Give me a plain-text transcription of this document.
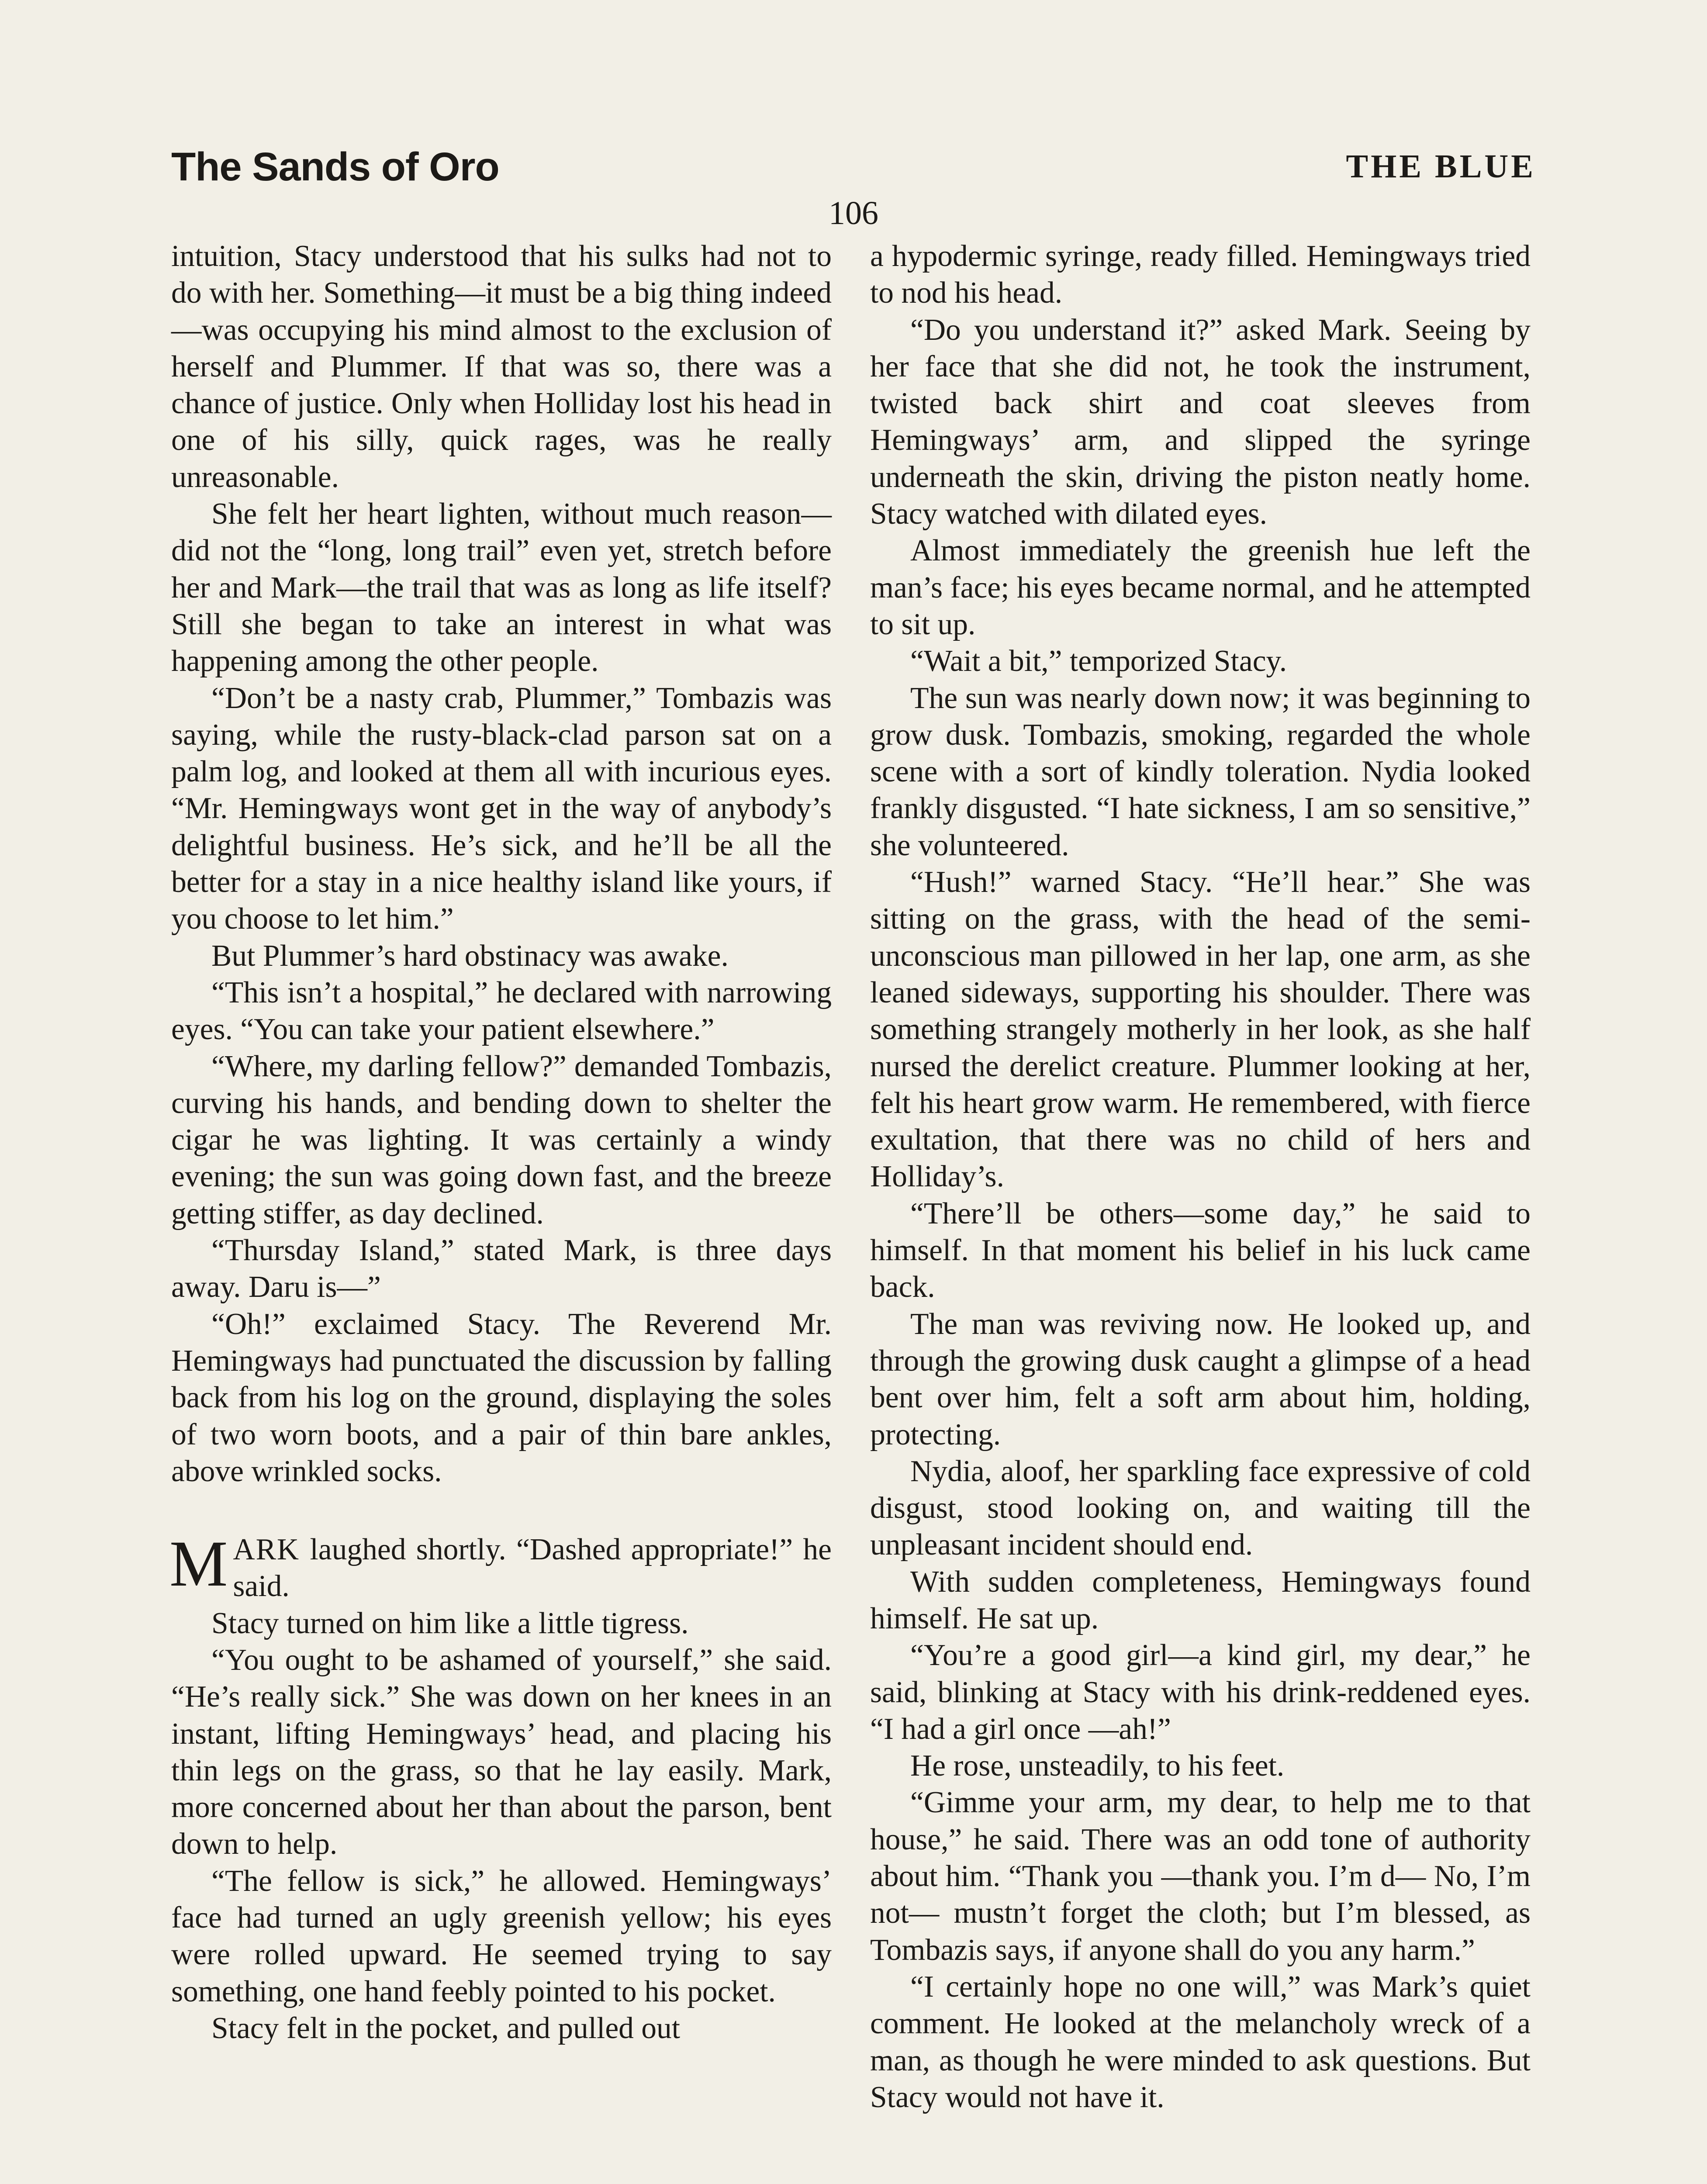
The Sands of Oro	THE BLUE
106

intuition, Stacy understood that his sulks had not to do with her. Something—it must be a big thing indeed—was occupying his mind almost to the exclusion of herself and Plummer. If that was so, there was a chance of justice. Only when Holliday lost his head in one of his silly, quick rages, was he really unreasonable.

She felt her heart lighten, without much reason—did not the “long, long trail” even yet, stretch before her and Mark—the trail that was as long as life itself? Still she began to take an interest in what was happening among the other people.

“Don’t be a nasty crab, Plummer,” Tombazis was saying, while the rusty-black-clad parson sat on a palm log, and looked at them all with incurious eyes. “Mr. Hemingways wont get in the way of anybody’s delightful business. He’s sick, and he’ll be all the better for a stay in a nice healthy island like yours, if you choose to let him.”

But Plummer’s hard obstinacy was awake.

“This isn’t a hospital,” he declared with narrowing eyes. “You can take your patient elsewhere.”

“Where, my darling fellow?” demanded Tombazis, curving his hands, and bending down to shelter the cigar he was lighting. It was certainly a windy evening; the sun was going down fast, and the breeze getting stiffer, as day declined.

“Thursday Island,” stated Mark, is three days away. Daru is—”

“Oh!” exclaimed Stacy. The Reverend Mr. Hemingways had punctuated the discussion by falling back from his log on the ground, displaying the soles of two worn boots, and a pair of thin bare ankles, above wrinkled socks.

MARK laughed shortly. “Dashed appropriate!” he said.

Stacy turned on him like a little tigress.

“You ought to be ashamed of yourself,” she said. “He’s really sick.” She was down on her knees in an instant, lifting Hemingways’ head, and placing his thin legs on the grass, so that he lay easily. Mark, more concerned about her than about the parson, bent down to help.

“The fellow is sick,” he allowed. Hemingways’ face had turned an ugly greenish yellow; his eyes were rolled upward. He seemed trying to say something, one hand feebly pointed to his pocket.

Stacy felt in the pocket, and pulled out

a hypodermic syringe, ready filled. Hemingways tried to nod his head.

“Do you understand it?” asked Mark. Seeing by her face that she did not, he took the instrument, twisted back shirt and coat sleeves from Hemingways’ arm, and slipped the syringe underneath the skin, driving the piston neatly home. Stacy watched with dilated eyes.

Almost immediately the greenish hue left the man’s face; his eyes became normal, and he attempted to sit up.

“Wait a bit,” temporized Stacy.

The sun was nearly down now; it was beginning to grow dusk. Tombazis, smoking, regarded the whole scene with a sort of kindly toleration. Nydia looked frankly disgusted. “I hate sickness, I am so sensitive,” she volunteered.

“Hush!” warned Stacy. “He’ll hear.” She was sitting on the grass, with the head of the semi-unconscious man pillowed in her lap, one arm, as she leaned sideways, supporting his shoulder. There was something strangely motherly in her look, as she half nursed the derelict creature. Plummer looking at her, felt his heart grow warm. He remembered, with fierce exultation, that there was no child of hers and Holliday’s.

“There’ll be others—some day,” he said to himself. In that moment his belief in his luck came back.

The man was reviving now. He looked up, and through the growing dusk caught a glimpse of a head bent over him, felt a soft arm about him, holding, protecting.

Nydia, aloof, her sparkling face expressive of cold disgust, stood looking on, and waiting till the unpleasant incident should end.

With sudden completeness, Hemingways found himself. He sat up.

“You’re a good girl—a kind girl, my dear,” he said, blinking at Stacy with his drink-reddened eyes. “I had a girl once —ah!”

He rose, unsteadily, to his feet.

“Gimme your arm, my dear, to help me to that house,” he said. There was an odd tone of authority about him. “Thank you —thank you. I’m d— No, I’m not— mustn’t forget the cloth; but I’m blessed, as Tombazis says, if anyone shall do you any harm.”

“I certainly hope no one will,” was Mark’s quiet comment. He looked at the melancholy wreck of a man, as though he were minded to ask questions. But Stacy would not have it.
